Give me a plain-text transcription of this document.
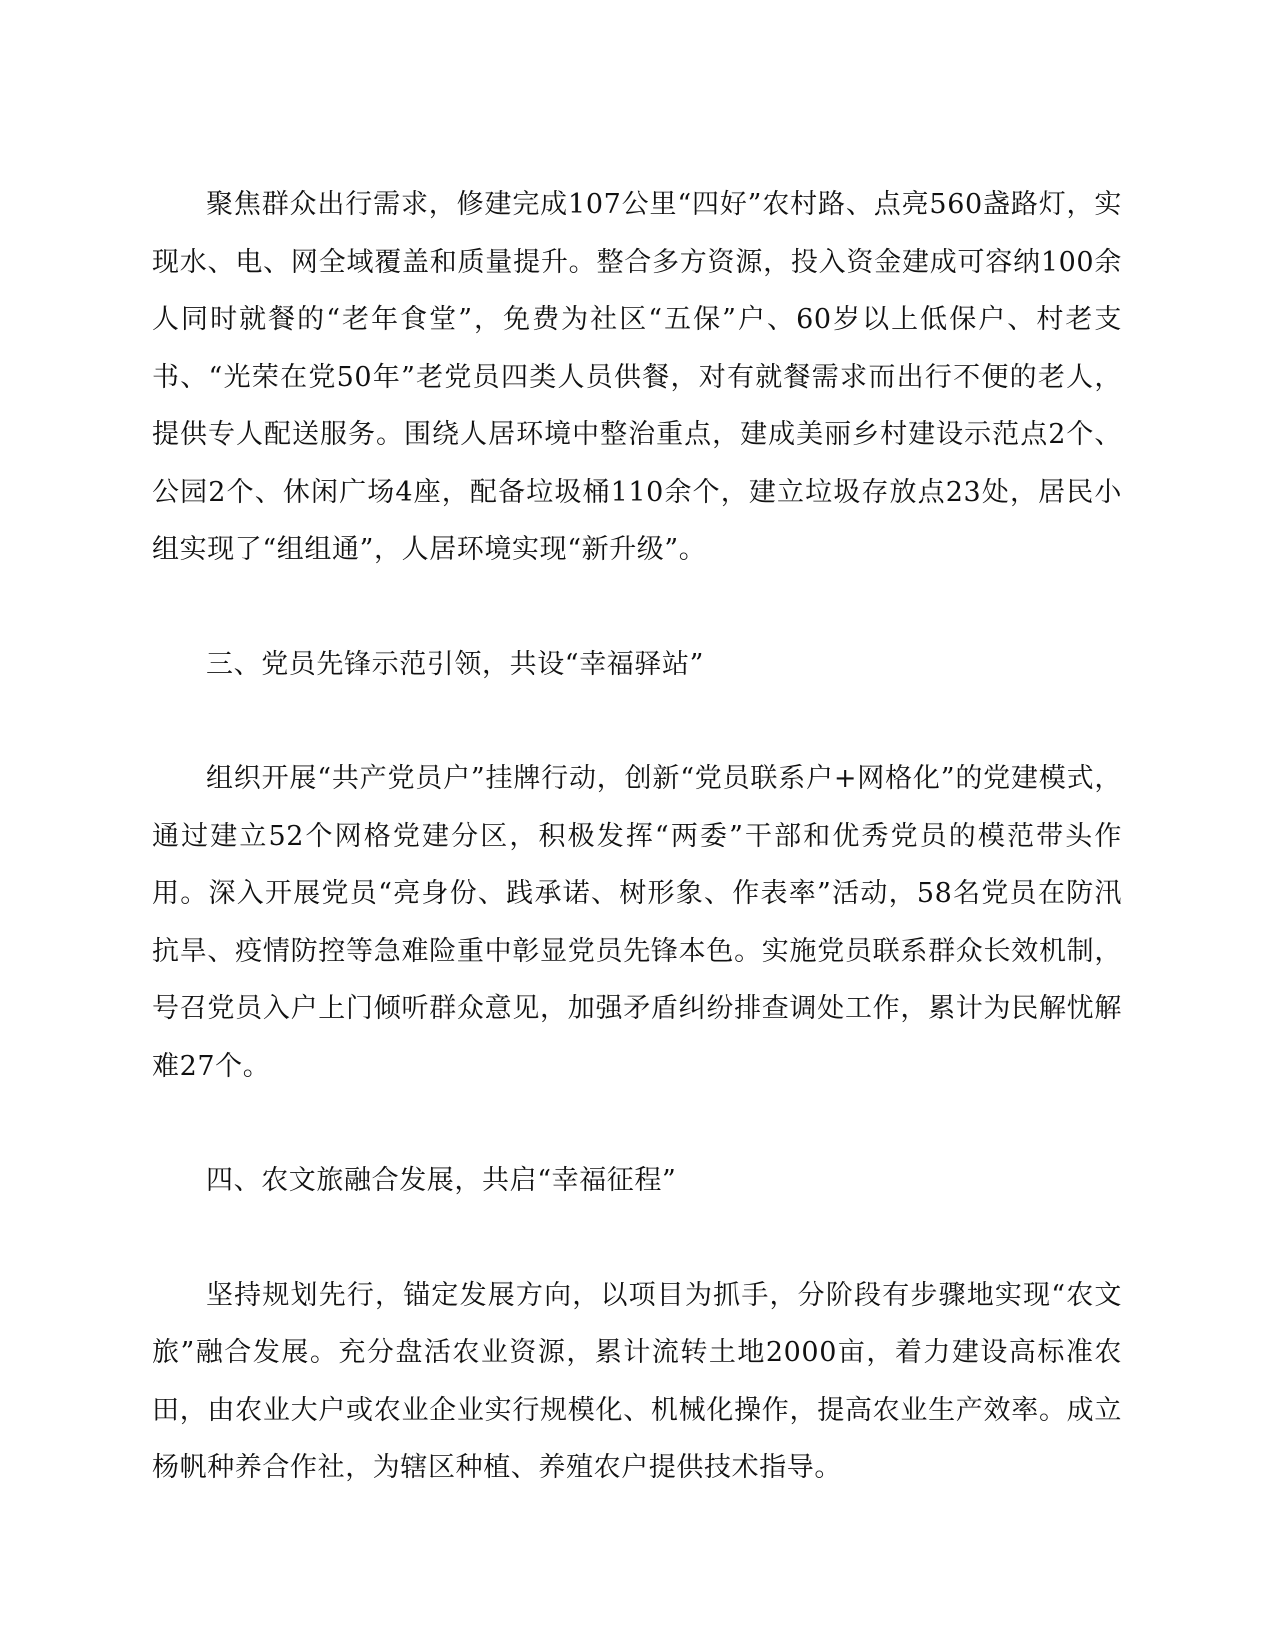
聚焦群众出行需求，修建完成107公里“四好”农村路、点亮560盏路灯，实现水、电、网全域覆盖和质量提升。整合多方资源，投入资金建成可容纳100余人同时就餐的“老年食堂”，免费为社区“五保”户、60岁以上低保户、村老支书、“光荣在党50年”老党员四类人员供餐，对有就餐需求而出行不便的老人，提供专人配送服务。围绕人居环境中整治重点，建成美丽乡村建设示范点2个、公园2个、休闲广场4座，配备垃圾桶110余个，建立垃圾存放点23处，居民小组实现了“组组通”，人居环境实现“新升级”。

三、党员先锋示范引领，共设“幸福驿站”

组织开展“共产党员户”挂牌行动，创新“党员联系户+网格化”的党建模式，通过建立52个网格党建分区，积极发挥“两委”干部和优秀党员的模范带头作用。深入开展党员“亮身份、践承诺、树形象、作表率”活动，58名党员在防汛抗旱、疫情防控等急难险重中彰显党员先锋本色。实施党员联系群众长效机制，号召党员入户上门倾听群众意见，加强矛盾纠纷排查调处工作，累计为民解忧解难27个。

四、农文旅融合发展，共启“幸福征程”

坚持规划先行，锚定发展方向，以项目为抓手，分阶段有步骤地实现“农文旅”融合发展。充分盘活农业资源，累计流转土地2000亩，着力建设高标准农田，由农业大户或农业企业实行规模化、机械化操作，提高农业生产效率。成立杨帆种养合作社，为辖区种植、养殖农户提供技术指导。
